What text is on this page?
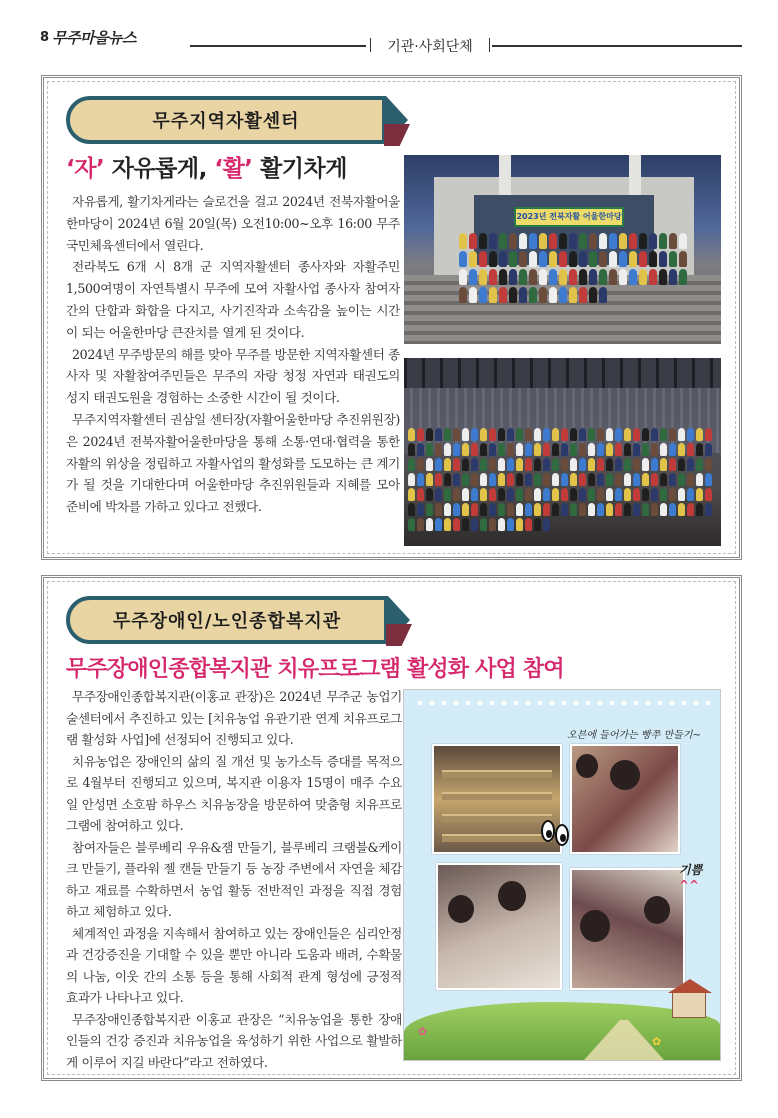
8 무주마을뉴스	기관·사회단체
무주지역자활센터
‘자’ 자유롭게, ‘활’ 활기차게

자유롭게, 활기차게라는 슬로건을 걸고 2024년 전북자활어울한마당이 2024년 6월 20일(목) 오전10:00~오후 16:00 무주국민체육센터에서 열린다.

전라북도 6개 시 8개 군 지역자활센터 종사자와 자활주민 1,500여명이 자연특별시 무주에 모여 자활사업 종사자 참여자간의 단합과 화합을 다지고, 사기진작과 소속감을 높이는 시간이 되는 어울한마당 큰잔치를 열게 된 것이다.

2024년 무주방문의 해를 맞아 무주를 방문한 지역자활센터 종사자 및 자활참여주민들은 무주의 자랑 청정 자연과 태권도의 성지 태권도원을 경험하는 소중한 시간이 될 것이다.

무주지역자활센터 권삼일 센터장(자활어울한마당 추진위원장)은 2024년 전북자활어울한마당을 통해 소통·연대·협력을 통한 자활의 위상을 정립하고 자활사업의 활성화를 도모하는 큰 계기가 될 것을 기대한다며 어울한마당 추진위원들과 지혜를 모아 준비에 박차를 가하고 있다고 전했다.

2023년 전북자활 어울한마당
무주장애인/노인종합복지관
무주장애인종합복지관 치유프로그램 활성화 사업 참여

무주장애인종합복지관(이홍교 관장)은 2024년 무주군 농업기술센터에서 추진하고 있는 [치유농업 유관기관 연계 치유프로그램 활성화 사업]에 선정되어 진행되고 있다.

치유농업은 장애인의 삶의 질 개선 및 농가소득 증대를 목적으로 4월부터 진행되고 있으며, 복지관 이용자 15명이 매주 수요일 안성면 소호팜 하우스 치유농장을 방문하여 맞춤형 치유프로그램에 참여하고 있다.

참여자들은 블루베리 우유&잼 만들기, 블루베리 크램블&케이크 만들기, 플라워 젤 캔들 만들기 등 농장 주변에서 자연을 체감하고 재료를 수확하면서 농업 활동 전반적인 과정을 직접 경험하고 체험하고 있다.

체계적인 과정을 지속해서 참여하고 있는 장애인들은 심리안정과 건강증진을 기대할 수 있을 뿐만 아니라 도움과 배려, 수확물의 나눔, 이웃 간의 소통 등을 통해 사회적 관계 형성에 긍정적 효과가 나타나고 있다.

무주장애인종합복지관 이홍교 관장은 “치유농업을 통한 장애인들의 건강 증진과 치유농업을 육성하기 위한 사업으로 활발하게 이루어 지길 바란다”라고 전하였다.

오븐에 들어가는 빵쭈 만들기~
기쁨^^
✿
✿
